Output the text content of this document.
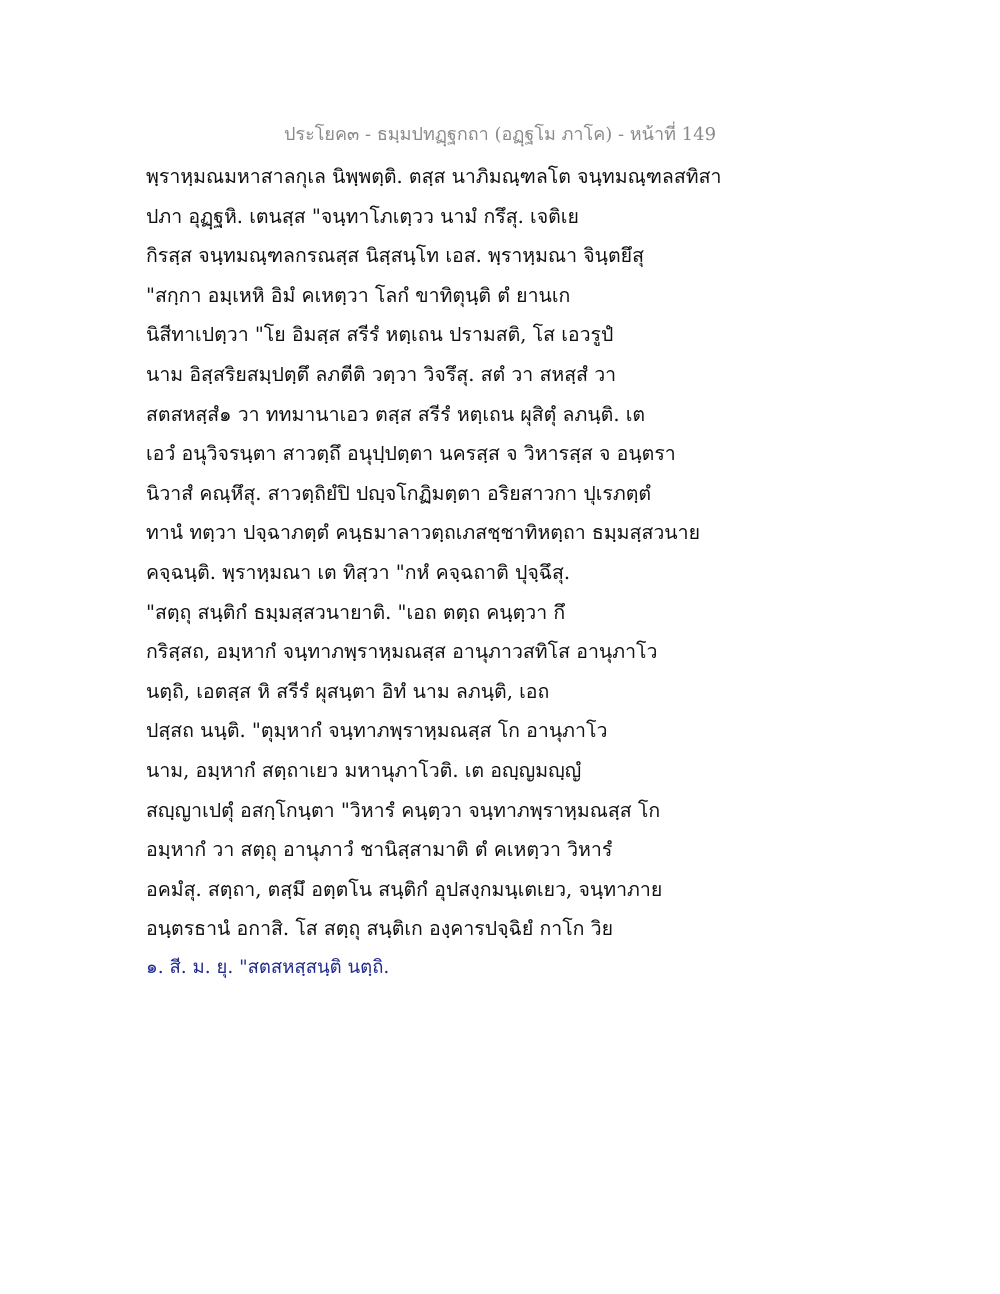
ประโยค๓ - ธมฺมปทฏฺฐกถา (อฏฺฐโม ภาโค) - หน้าที่ 149
พฺราหฺมณมหาสาลกุเล นิพฺพตฺติ. ตสฺส นาภิมณฺฑลโต จนฺทมณฺฑลสทิสา
ปภา อุฏฺฐหิ. เตนสฺส "จนฺทาโภเตฺวว นามํ กรึสุ. เจติเย
กิรสฺส จนฺทมณฺฑลกรณสฺส นิสฺสนฺโท เอส. พฺราหฺมณา จินฺตยึสุ
"สกฺกา อมฺเหหิ อิมํ คเหตฺวา โลกํ ขาทิตุนฺติ ตํ ยานเก
นิสีทาเปตฺวา "โย อิมสฺส สรีรํ หตฺเถน ปรามสติ, โส เอวรูปํ
นาม อิสฺสริยสมฺปตฺตึ ลภตีติ วตฺวา วิจรึสุ. สตํ วา สหสฺสํ วา
สตสหสฺสํ๑ วา ททมานาเอว ตสฺส สรีรํ หตฺเถน ผุสิตุํ ลภนฺติ. เต
เอวํ อนุวิจรนฺตา สาวตฺถึ อนุปฺปตฺตา นครสฺส จ วิหารสฺส จ อนฺตรา
นิวาสํ คณฺหึสุ. สาวตฺถิยํปิ ปญฺจโกฏิมตฺตา อริยสาวกา ปุเรภตฺตํ
ทานํ ทตฺวา ปจฺฉาภตฺตํ คนฺธมาลาวตฺถเภสชฺชาทิหตฺถา ธมฺมสฺสวนาย
คจฺฉนฺติ. พฺราหฺมณา เต ทิสฺวา "กหํ คจฺฉถาติ ปุจฺฉึสุ.
"สตฺถุ สนฺติกํ ธมฺมสฺสวนายาติ. "เอถ ตตฺถ คนฺตฺวา กึ
กริสฺสถ, อมฺหากํ จนฺทาภพฺราหฺมณสฺส อานุภาวสทิโส อานุภาโว
นตฺถิ, เอตสฺส หิ สรีรํ ผุสนฺตา อิทํ นาม ลภนฺติ, เอถ
ปสฺสถ นนฺติ. "ตุมฺหากํ จนฺทาภพฺราหฺมณสฺส โก อานุภาโว
นาม, อมฺหากํ สตฺถาเยว มหานุภาโวติ. เต อญฺญมญฺญํ
สญฺญาเปตุํ อสกฺโกนฺตา "วิหารํ คนฺตฺวา จนฺทาภพฺราหฺมณสฺส โก
อมฺหากํ วา สตฺถุ อานุภาวํ ชานิสฺสามาติ ตํ คเหตฺวา วิหารํ
อคมํสุ. สตฺถา, ตสฺมึ อตฺตโน สนฺติกํ อุปสงฺกมนฺเตเยว, จนฺทาภาย
อนฺตรธานํ อกาสิ. โส สตฺถุ สนฺติเก องฺคารปจฺฉิยํ กาโก วิย
๑. สี. ม. ยุ. "สตสหสฺสนฺติ นตฺถิ.
